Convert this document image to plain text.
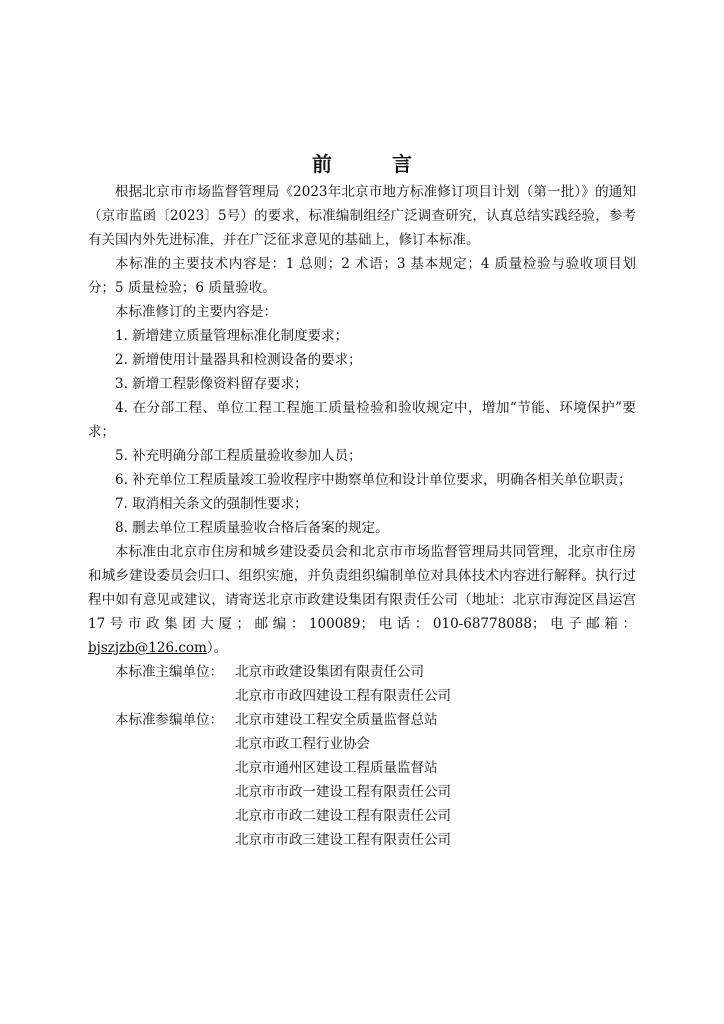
前　言

根据北京市市场监督管理局《2023年北京市地方标准修订项目计划（第一批）》的通知（京市监函〔2023〕5号）的要求，标准编制组经广泛调查研究，认真总结实践经验，参考有关国内外先进标准，并在广泛征求意见的基础上，修订本标准。

本标准的主要技术内容是：1 总则；2 术语；3 基本规定；4 质量检验与验收项目划分；5 质量检验；6 质量验收。

本标准修订的主要内容是：

1. 新增建立质量管理标准化制度要求；

2. 新增使用计量器具和检测设备的要求；

3. 新增工程影像资料留存要求；

4. 在分部工程、单位工程工程施工质量检验和验收规定中，增加“节能、环境保护”要求；

5. 补充明确分部工程质量验收参加人员；

6. 补充单位工程质量竣工验收程序中勘察单位和设计单位要求，明确各相关单位职责；

7. 取消相关条文的强制性要求；

8. 删去单位工程质量验收合格后备案的规定。

本标准由北京市住房和城乡建设委员会和北京市市场监督管理局共同管理，北京市住房和城乡建设委员会归口、组织实施，并负责组织编制单位对具体技术内容进行解释。执行过程中如有意见或建议，请寄送北京市政建设集团有限责任公司（地址：北京市海淀区昌运宫17号市政集团大厦；邮编：100089；电话：010-68778088；电子邮箱：bjszjzb@126.com）。

本标准主编单位： 北京市政建设集团有限责任公司
北京市市政四建设工程有限责任公司
本标准参编单位： 北京市建设工程安全质量监督总站
北京市政工程行业协会
北京市通州区建设工程质量监督站
北京市市政一建设工程有限责任公司
北京市市政二建设工程有限责任公司
北京市市政三建设工程有限责任公司
